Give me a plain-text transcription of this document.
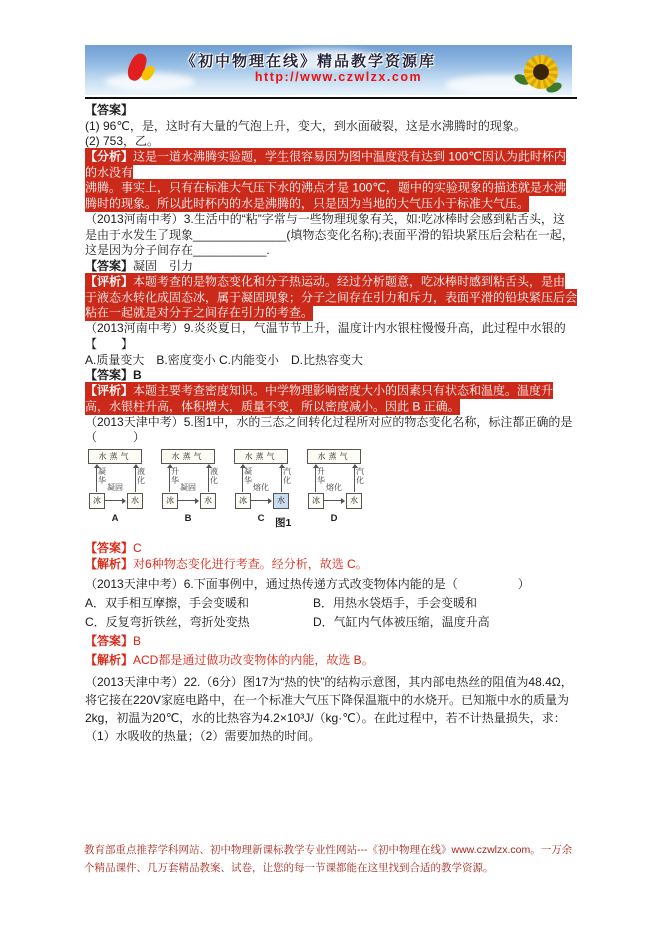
《初中物理在线》精品教学资源库
http://www.czwlzx.com

【答案】

(1) 96℃，是，这时有大量的气泡上升，变大，到水面破裂，这是水沸腾时的现象。

(2) 753，乙。

【分析】这是一道水沸腾实验题，学生很容易因为图中温度没有达到 100℃因认为此时杯内的水没有
沸腾。事实上，只有在标准大气压下水的沸点才是 100℃，题中的实验现象的描述就是水沸腾时的现象。所以此时杯内的水是沸腾的，只是因为当地的大气压小于标准大气压。

（2013河南中考）3.生活中的“粘”字常与一些物理现象有关，如:吃冰棒时会感到粘舌头，这是由于水发生了现象______________(填物态变化名称);表面平滑的铅块紧压后会粘在一起，这是因为分子间存在___________.

【答案】凝固　引力

【评析】本题考查的是物态变化和分子热运动。经过分析题意，吃冰棒时感到粘舌头，是由于液态水转化成固态冰，属于凝固现象；分子之间存在引力和斥力，表面平滑的铅块紧压后会粘在一起就是对分子之间存在引力的考查。

（2013河南中考）9.炎炎夏日，气温节节上升，温度计内水银柱慢慢升高，此过程中水银的

【　　】

A.质量变大　B.密度变小 C.内能变小　D.比热容变大

【答案】B

【评析】本题主要考查密度知识。中学物理影响密度大小的因素只有状态和温度。温度升高，水银柱升高，体积增大，质量不变，所以密度减小。因此 B 正确。

（2013天津中考）5.图1中，水的三态之间转化过程所对应的物态变化名称，标注都正确的是

（　　　）

水蒸气
凝华
液化
凝固
冰	水
A
水蒸气
升华
液化
凝固
冰	水
B
水蒸气
凝华
汽化
熔化
冰	水
C
水蒸气
升华
汽化
熔化
冰	水
D
图1

【答案】C

【解析】对6种物态变化进行考查。经分析，故选 C。

（2013天津中考）6.下面事例中，通过热传递方式改变物体内能的是（　　　　　）

A．双手相互摩擦，手会变暖和	B．用热水袋焐手，手会变暖和

C．反复弯折铁丝，弯折处变热	D．气缸内气体被压缩，温度升高

【答案】B

【解析】ACD都是通过做功改变物体的内能，故选 B。

（2013天津中考）22.（6分）图17为“热的快”的结构示意图，其内部电热丝的阻值为48.4Ω，将它接在220V家庭电路中，在一个标准大气压下降保温瓶中的水烧开。已知瓶中水的质量为2kg，初温为20℃，水的比热容为4.2×10³J/（kg·℃）。在此过程中，若不计热量损失，求：（1）水吸收的热量；（2）需要加热的时间。

教育部重点推荐学科网站、初中物理新课标教学专业性网站---《初中物理在线》www.czwlzx.com。一万余个精品课件、几万套精品教案、试卷，让您的每一节课都能在这里找到合适的教学资源。
